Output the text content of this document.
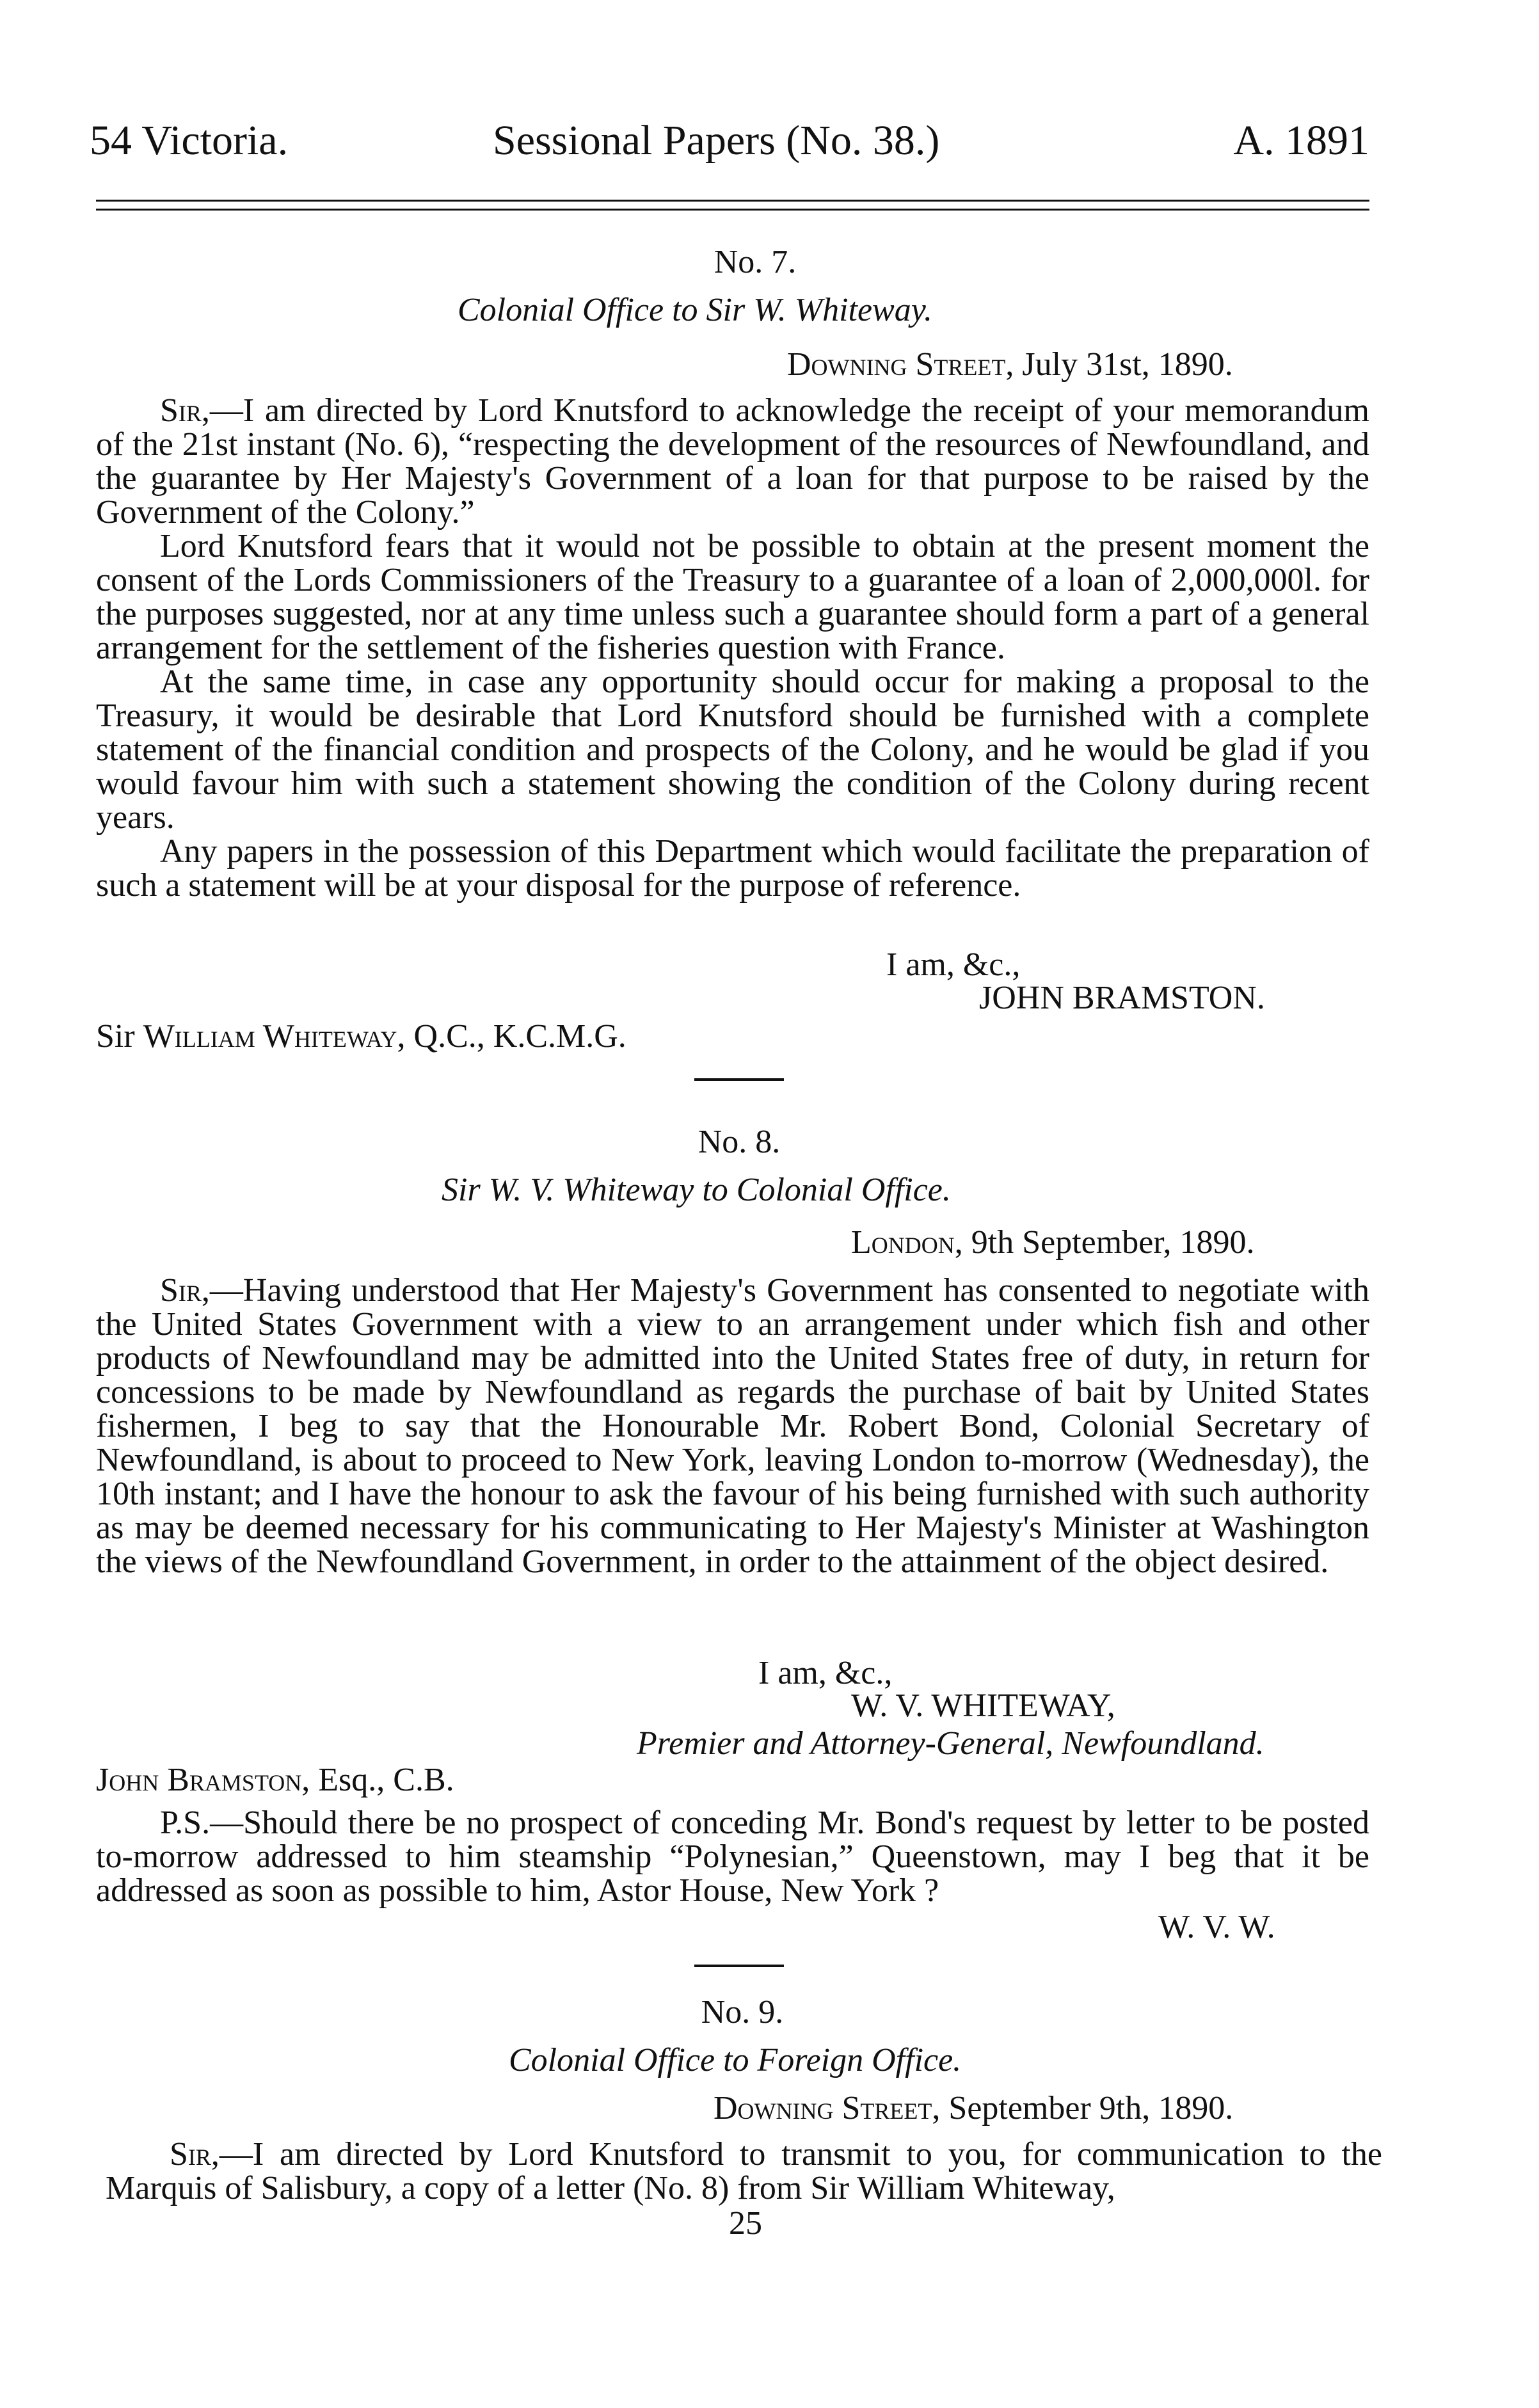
54 Victoria.	Sessional Papers (No. 38.)	A. 1891
No. 7.
Colonial Office to Sir W. Whiteway.
Downing Street, July 31st, 1890.

Sir,—I am directed by Lord Knutsford to acknowledge the receipt of your memorandum of the 21st instant (No. 6), “respecting the development of the resources of Newfoundland, and the guarantee by Her Majesty's Government of a loan for that purpose to be raised by the Government of the Colony.”

Lord Knutsford fears that it would not be possible to obtain at the present moment the consent of the Lords Commissioners of the Treasury to a guarantee of a loan of 2,000,000l. for the purposes suggested, nor at any time unless such a guarantee should form a part of a general arrangement for the settlement of the fisheries question with France.

At the same time, in case any opportunity should occur for making a proposal to the Treasury, it would be desirable that Lord Knutsford should be furnished with a complete statement of the financial condition and prospects of the Colony, and he would be glad if you would favour him with such a statement showing the condition of the Colony during recent years.

Any papers in the possession of this Department which would facilitate the preparation of such a statement will be at your disposal for the purpose of reference.

I am, &c.,
JOHN BRAMSTON.
Sir William Whiteway, Q.C., K.C.M.G.
No. 8.
Sir W. V. Whiteway to Colonial Office.
London, 9th September, 1890.

Sir,—Having understood that Her Majesty's Government has consented to negotiate with the United States Government with a view to an arrangement under which fish and other products of Newfoundland may be admitted into the United States free of duty, in return for concessions to be made by Newfoundland as regards the purchase of bait by United States fishermen, I beg to say that the Honourable Mr. Robert Bond, Colonial Secretary of Newfoundland, is about to proceed to New York, leaving London to-morrow (Wednesday), the 10th instant; and I have the honour to ask the favour of his being furnished with such authority as may be deemed necessary for his communicating to Her Majesty's Minister at Washington the views of the Newfoundland Government, in order to the attainment of the object desired.

I am, &c.,
W. V. WHITEWAY,
Premier and Attorney-General, Newfoundland.
John Bramston, Esq., C.B.

P.S.—Should there be no prospect of conceding Mr. Bond's request by letter to be posted to-morrow addressed to him steamship “Polynesian,” Queenstown, may I beg that it be addressed as soon as possible to him, Astor House, New York ?

W. V. W.
No. 9.
Colonial Office to Foreign Office.
Downing Street, September 9th, 1890.

Sir,—I am directed by Lord Knutsford to transmit to you, for communication to the Marquis of Salisbury, a copy of a letter (No. 8) from Sir William Whiteway,

25
